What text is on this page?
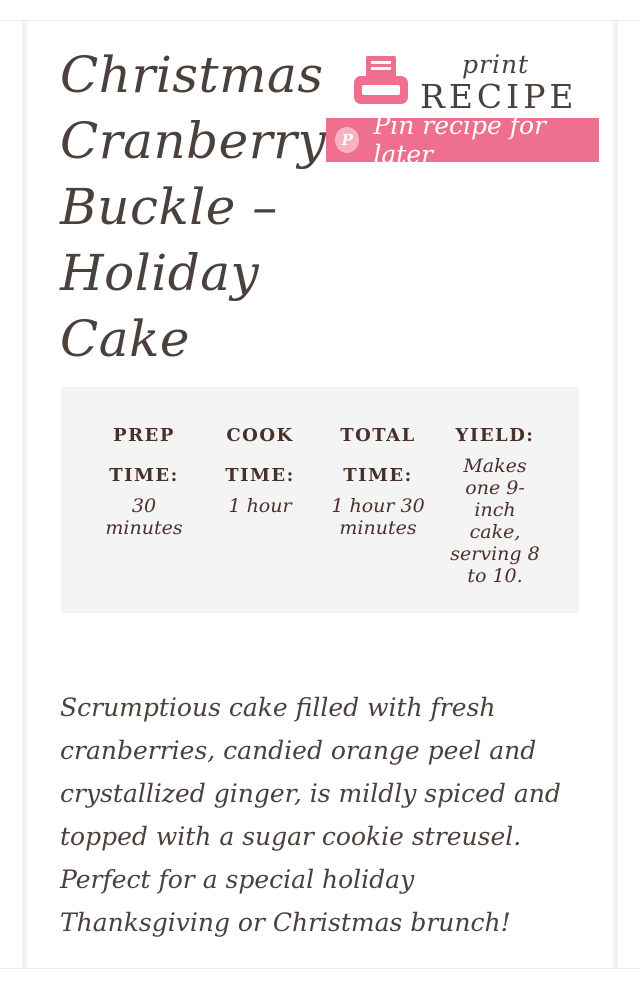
Christmas
Cranberry
Buckle –
Holiday
Cake
print
RECIPE
P Pin recipe for later
PREP
TIME:
30 minutes
COOK
TIME:
1 hour
TOTAL
TIME:
1 hour 30 minutes
YIELD:
Makes one 9-inch cake, serving 8 to 10.

Scrumptious cake filled with fresh cranberries, candied orange peel and crystallized ginger, is mildly spiced and topped with a sugar cookie streusel. Perfect for a special holiday Thanksgiving or Christmas brunch!
